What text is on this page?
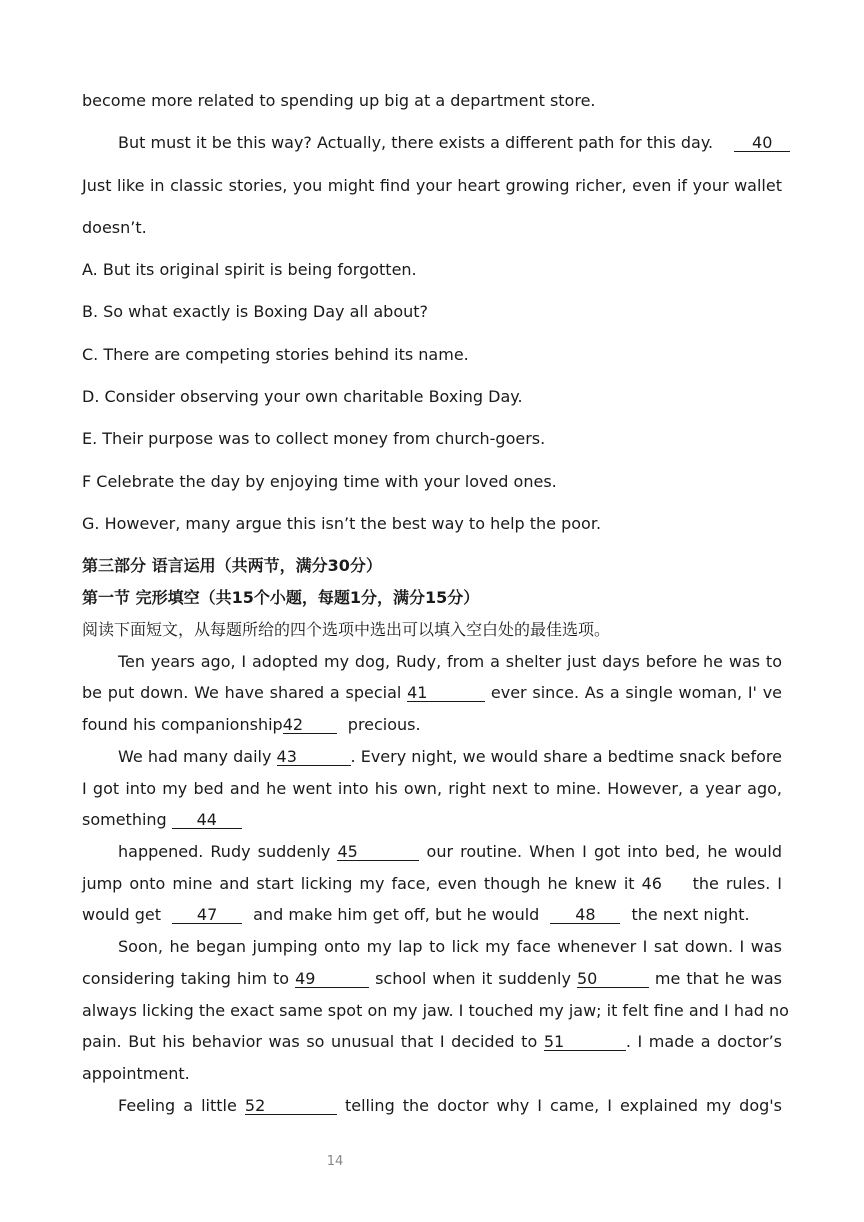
become more related to spending up big at a department store.
But must it be this way? Actually, there exists a different path for this day. 40
Just like in classic stories, you might find your heart growing richer, even if your wallet
doesn’t.
A. But its original spirit is being forgotten.
B. So what exactly is Boxing Day all about?
C. There are competing stories behind its name.
D. Consider observing your own charitable Boxing Day.
E. Their purpose was to collect money from church-goers.
F Celebrate the day by enjoying time with your loved ones.
G. However, many argue this isn’t the best way to help the poor.
第三部分 语言运用（共两节，满分30分）
第一节 完形填空（共15个小题，每题1分，满分15分）
阅读下面短文，从每题所给的四个选项中选出可以填入空白处的最佳选项。
Ten years ago, I adopted my dog, Rudy, from a shelter just days before he was to
be put down. We have shared a special 41	ever since. As a single woman, I' ve
found his companionship42	precious.
We had many daily 43	. Every night, we would share a bedtime snack before
I got into my bed and he went into his own, right next to mine. However, a year ago,
something 44
happened. Rudy suddenly 45	our routine. When I got into bed, he would
jump onto mine and start licking my face, even though he knew it 46 the rules. I
would get 47 and make him get off, but he would 48 the next night.
Soon, he began jumping onto my lap to lick my face whenever I sat down. I was
considering taking him to 49	school when it suddenly 50	me that he was
always licking the exact same spot on my jaw. I touched my jaw; it felt fine and I had no
pain. But his behavior was so unusual that I decided to 51	. I made a doctor’s
appointment.
Feeling a little 52	telling the doctor why I came, I explained my dog's
14
